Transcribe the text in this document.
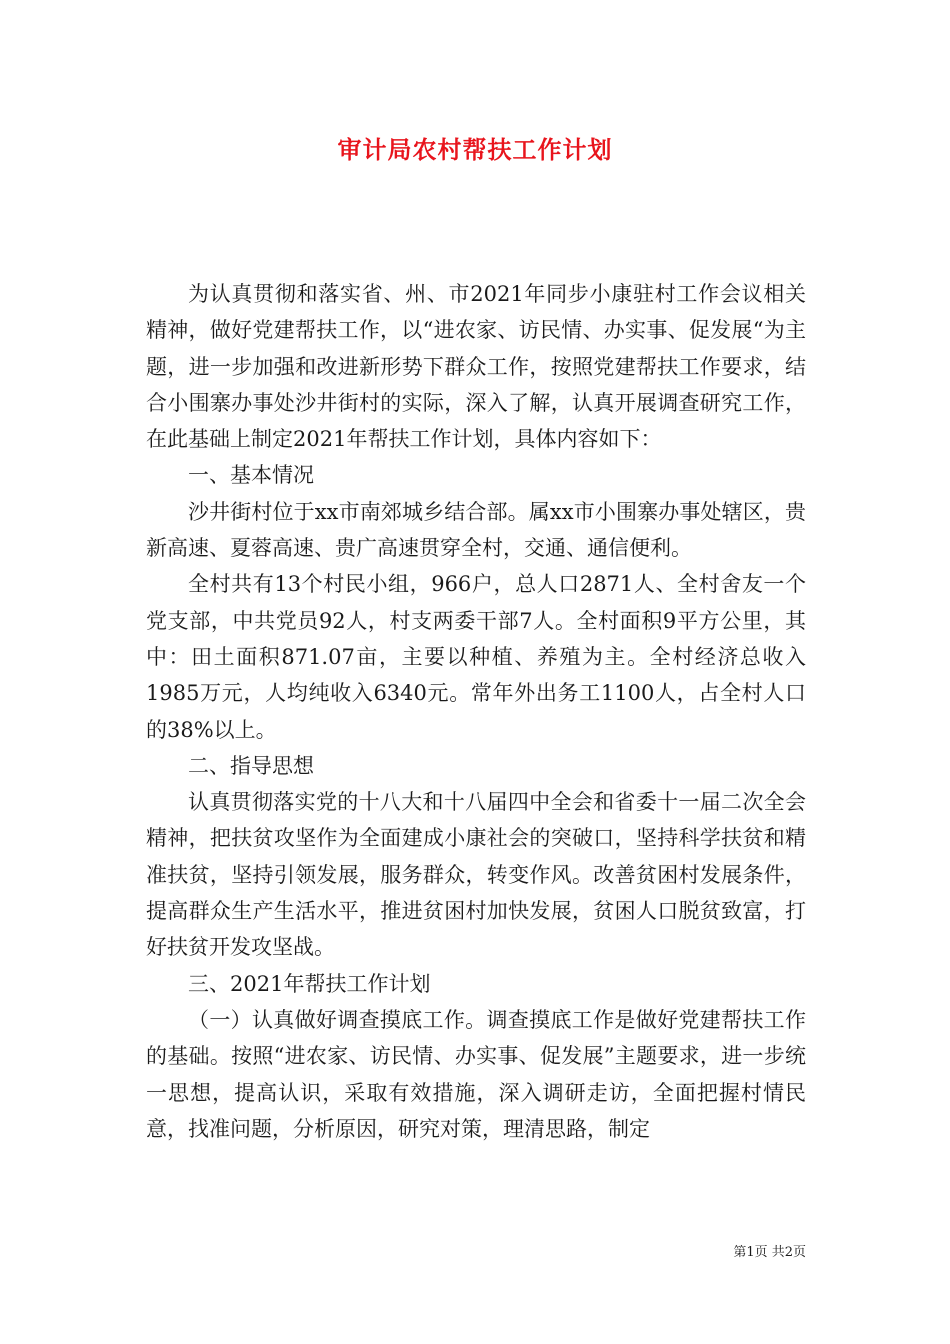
审计局农村帮扶工作计划

为认真贯彻和落实省、州、市2021年同步小康驻村工作会议相关精神，做好党建帮扶工作，以“进农家、访民情、办实事、促发展“为主题，进一步加强和改进新形势下群众工作，按照党建帮扶工作要求，结合小围寨办事处沙井街村的实际，深入了解，认真开展调查研究工作，在此基础上制定2021年帮扶工作计划，具体内容如下：

一、基本情况

沙井街村位于xx市南郊城乡结合部。属xx市小围寨办事处辖区，贵新高速、夏蓉高速、贵广高速贯穿全村，交通、通信便利。

全村共有13个村民小组，966户，总人口2871人、全村舍友一个党支部，中共党员92人，村支两委干部7人。全村面积9平方公里，其中：田土面积871.07亩，主要以种植、养殖为主。全村经济总收入1985万元，人均纯收入6340元。常年外出务工1100人，占全村人口的38%以上。

二、指导思想

认真贯彻落实党的十八大和十八届四中全会和省委十一届二次全会精神，把扶贫攻坚作为全面建成小康社会的突破口，坚持科学扶贫和精准扶贫，坚持引领发展，服务群众，转变作风。改善贫困村发展条件，提高群众生产生活水平，推进贫困村加快发展，贫困人口脱贫致富，打好扶贫开发攻坚战。

三、2021年帮扶工作计划

（一）认真做好调查摸底工作。调查摸底工作是做好党建帮扶工作的基础。按照“进农家、访民情、办实事、促发展”主题要求，进一步统一思想，提高认识，采取有效措施，深入调研走访，全面把握村情民意，找准问题，分析原因，研究对策，理清思路，制定

第1页 共2页
